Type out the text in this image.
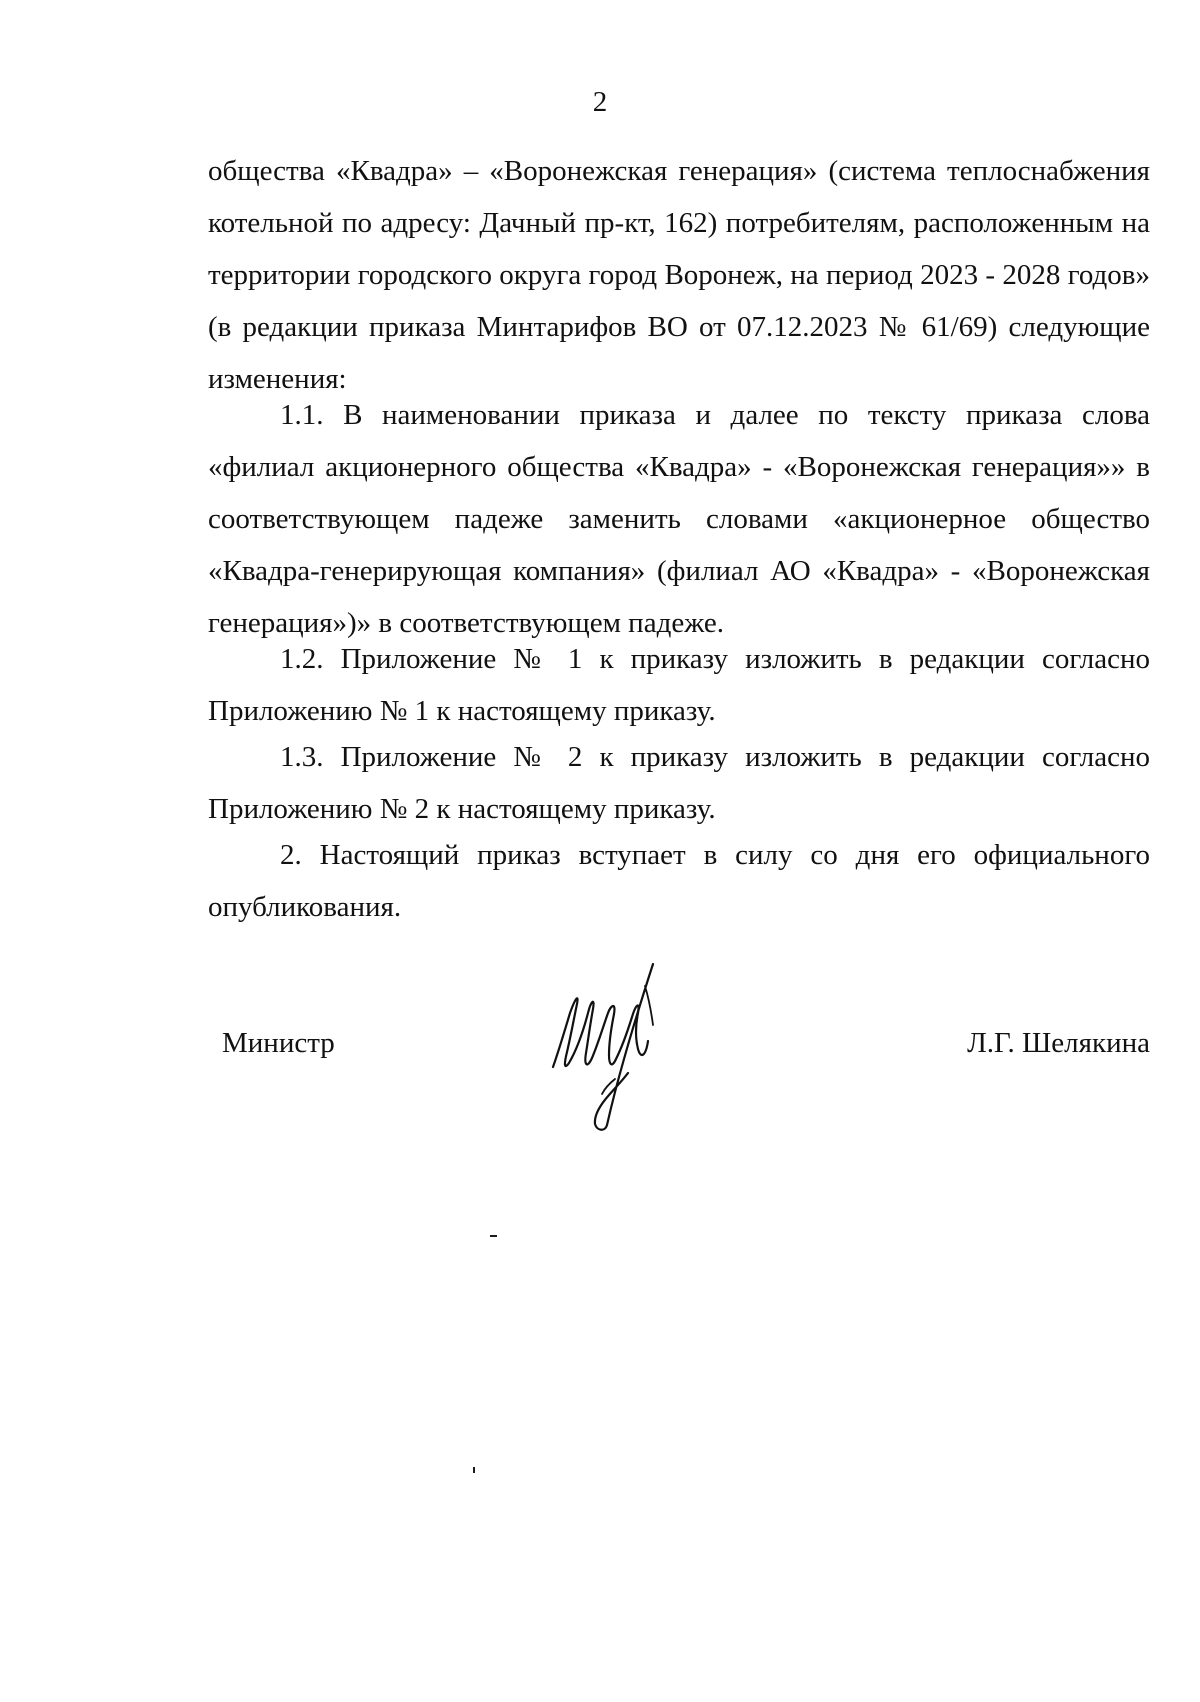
2
общества «Квадра» – «Воронежская генерация» (система теплоснабжения котельной по адресу: Дачный пр-кт, 162) потребителям, расположенным на территории городского округа город Воронеж, на период 2023 - 2028 годов» (в редакции приказа Минтарифов ВО от 07.12.2023 № 61/69) следующие изменения:
1.1. В наименовании приказа и далее по тексту приказа слова «филиал акционерного общества «Квадра» - «Воронежская генерация»» в соответствующем падеже заменить словами «акционерное общество «Квадра-генерирующая компания» (филиал АО «Квадра» - «Воронежская генерация»)» в соответствующем падеже.
1.2. Приложение № 1 к приказу изложить в редакции согласно Приложению № 1 к настоящему приказу.
1.3. Приложение № 2 к приказу изложить в редакции согласно Приложению № 2 к настоящему приказу.
2. Настоящий приказ вступает в силу со дня его официального опубликования.
Министр	Л.Г. Шелякина
